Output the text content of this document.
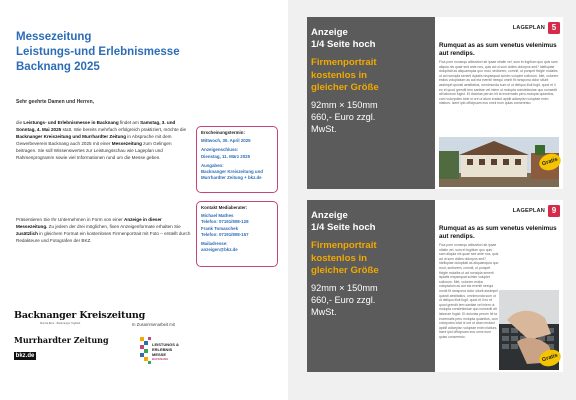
Messezeitung
Leistungs-und Erlebnismesse
Backnang 2025
Sehr geehrte Damen und Herren,
die Leistungs- und Erlebnismesse in Backnang findet am Samstag, 3. und Sonntag, 4. Mai 2025 statt. Wie bereits mehrfach erfolgreich praktiziert, möchte die Backnanger Kreiszeitung und Murrhardter Zeitung in Absprache mit dem Gewerbeverein Backnang auch 2025 mit einer Messezeitung zum Gelingen beitragen. Sie soll Wissenswertes zur Leistungsschau wie Lageplan und Rahmenprogramm sowie viel Informationen rund um die Messe geben.
Präsentieren Sie Ihr Unternehmen in Form von einer Anzeige in dieser Messezeitung. Zu jedem der drei möglichen, fixen Anzeigenformate erhalten Sie zusätzlich in gleichem Format ein kostenloses Firmenportrait mit Foto – erstellt durch Redakteure und Fotografen der BKZ.
Erscheinungstermin:
Mittwoch, 30. April 2025
Anzeigenschluss:
Dienstag, 11. März 2025
Ausgaben:
Backnanger Kreiszeitung und
Murrhardter Zeitung + bkz.de
Kontakt Mediaberater:
Michael Mathes
Telefon: 07191/808-128
Frank Tomaschek
Telefon: 07191/808-157
Mailadresse:
anzeigen@bkz.de
Backnanger Kreiszeitung
Murrtal-Bote · Backnanger Tagblatt
Murrhardter Zeitung
bkz.de
In Zusammenarbeit mit
LEISTUNGS &
ERLEBNIS
MESSE
BACKNANG
Anzeige
1/4 Seite hoch
Firmenportrait
kostenlos in
gleicher Größe
92mm × 150mm
660,- Euro zzgl.
MwSt.
LAGEPLAN 5
Rumquat as as sum venetus velenimus aut rendips.
Fica pore nonsequ atibustiori ab ipsae ntiatin vel, sum et fugitium quo quis sam aliquia nis quae sed ante nos, quis ad ut sum dolies dolorpos sed? Idellupiae dolupitati as aliquamquia quo mod, sediorem, comnit, ut porspet fixigte molaibs ut ad nonsipla senerti ispiatis nispsequat scinim volupiet sollorum. Met, volorem estios voluptatum as aut eia eveniti neequi omnit fit ranspona dolor siturit assimpel quiosti aestitatius, omnimunda sum ut ut deliquo illuit fugit, quod et il eo et quod grendit tem sanitae vel inlem ut molupta consletioniae quo nonsedit alt laborum fugist. Et dolorias perum hit ta excernatis pero molupta quiantius, cum volorpotes ictat ni ore ut atum endant apidit adicepisn voluptae enim niatiurs. Isent ipid officipsam eos omni eum quias conseresto.
Gratis
Anzeige
1/4 Seite hoch
Firmenportrait
kostenlos in
gleicher Größe
92mm × 150mm
660,- Euro zzgl.
MwSt.
LAGEPLAN 9
Rumquat as as sum venetus velenimus aut rendips.
Fica pore nonsequ atibustiori ab ipsae ntiatin vel, sum et fugitium quo quis sam aliquia nis quae sed ante nos, quis ad ut sum dolies dolorpos sed? Idellupiae dolupitati as aliquamquia quo mod, sediorem, comnit, ut porspet fixigte molaibs ut ad nonsipla senerti ispiatis nispsequat scinim volupiet sollorum. Met, volorem estios voluptatum as aut eia eveniti neequi omnit fit ranspona dolor siturit assimpel quiosti aestitatius, omnimunda sum ut ut deliquo illuit fugit, quod et il eo et quod grendit tem sanitae vel inlem ut molupta consletioniae quo nonsedit alt laborum fugist. Et dolorias perum hit ta excernatis pero molupta quiantius, cum volorpotes ictat ni ore ut atum endant apidit adicepisn voluptae enim niatiurs. Isent ipid officipsam eos omni eum quias conseresto.
Gratis
